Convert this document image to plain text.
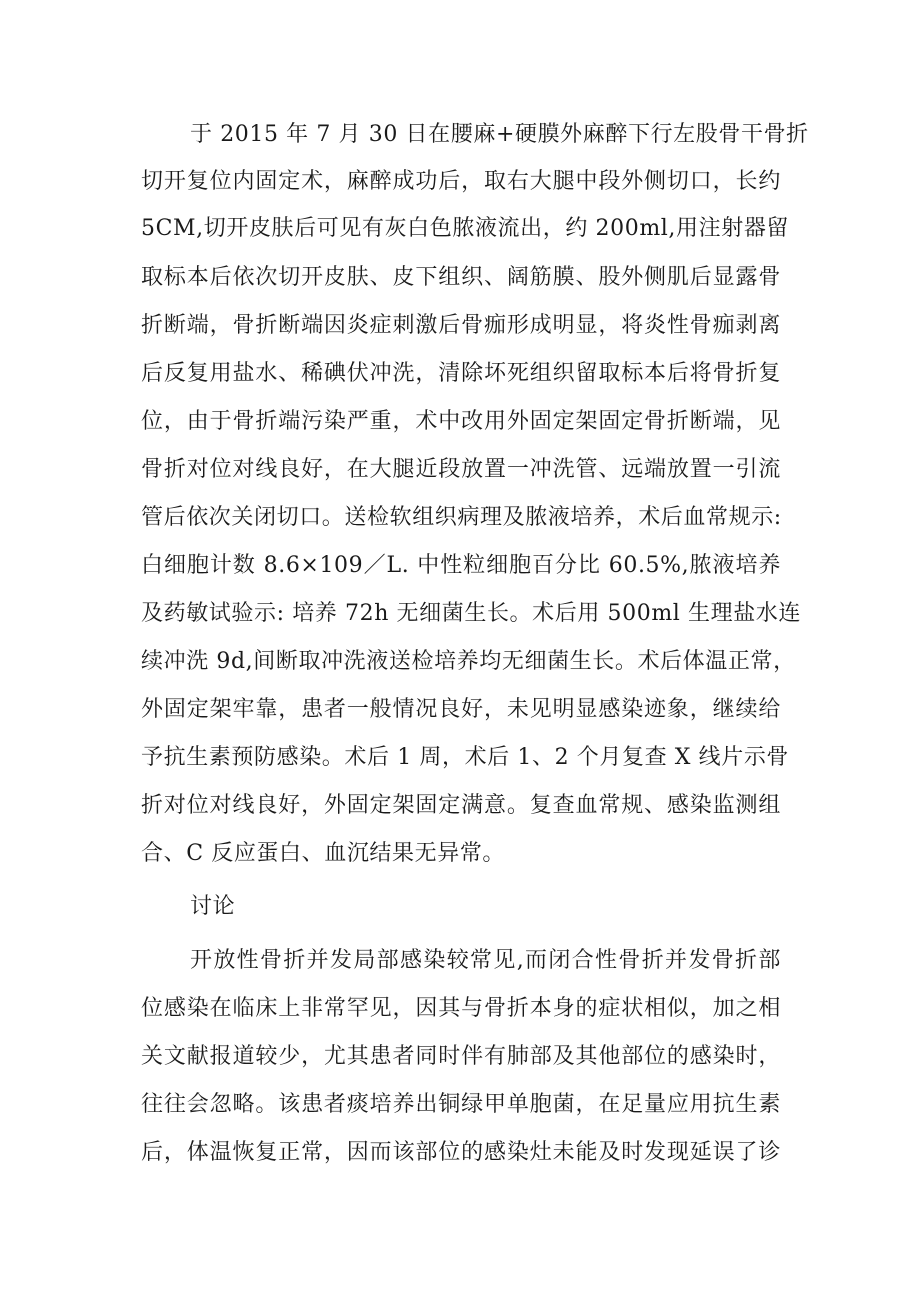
于 2015 年 7 月 30 日在腰麻+硬膜外麻醉下行左股骨干骨折
切开复位内固定术，麻醉成功后，取右大腿中段外侧切口，长约
5CM,切开皮肤后可见有灰白色脓液流出，约 200ml,用注射器留
取标本后依次切开皮肤、皮下组织、阔筋膜、股外侧肌后显露骨
折断端，骨折断端因炎症刺激后骨痂形成明显，将炎性骨痂剥离
后反复用盐水、稀碘伏冲洗，清除坏死组织留取标本后将骨折复
位，由于骨折端污染严重，术中改用外固定架固定骨折断端，见
骨折对位对线良好，在大腿近段放置一冲洗管、远端放置一引流
管后依次关闭切口。送检软组织病理及脓液培养，术后血常规示:
白细胞计数 8.6×109／L. 中性粒细胞百分比 60.5%,脓液培养
及药敏试验示: 培养 72h 无细菌生长。术后用 500ml 生理盐水连
续冲洗 9d,间断取冲洗液送检培养均无细菌生长。术后体温正常，
外固定架牢靠，患者一般情况良好，未见明显感染迹象，继续给
予抗生素预防感染。术后 1 周，术后 1、2 个月复查 X 线片示骨
折对位对线良好，外固定架固定满意。复查血常规、感染监测组
合、C 反应蛋白、血沉结果无异常。
讨论
开放性骨折并发局部感染较常见,而闭合性骨折并发骨折部
位感染在临床上非常罕见，因其与骨折本身的症状相似，加之相
关文献报道较少，尤其患者同时伴有肺部及其他部位的感染时，
往往会忽略。该患者痰培养出铜绿甲单胞菌，在足量应用抗生素
后，体温恢复正常，因而该部位的感染灶未能及时发现延误了诊
